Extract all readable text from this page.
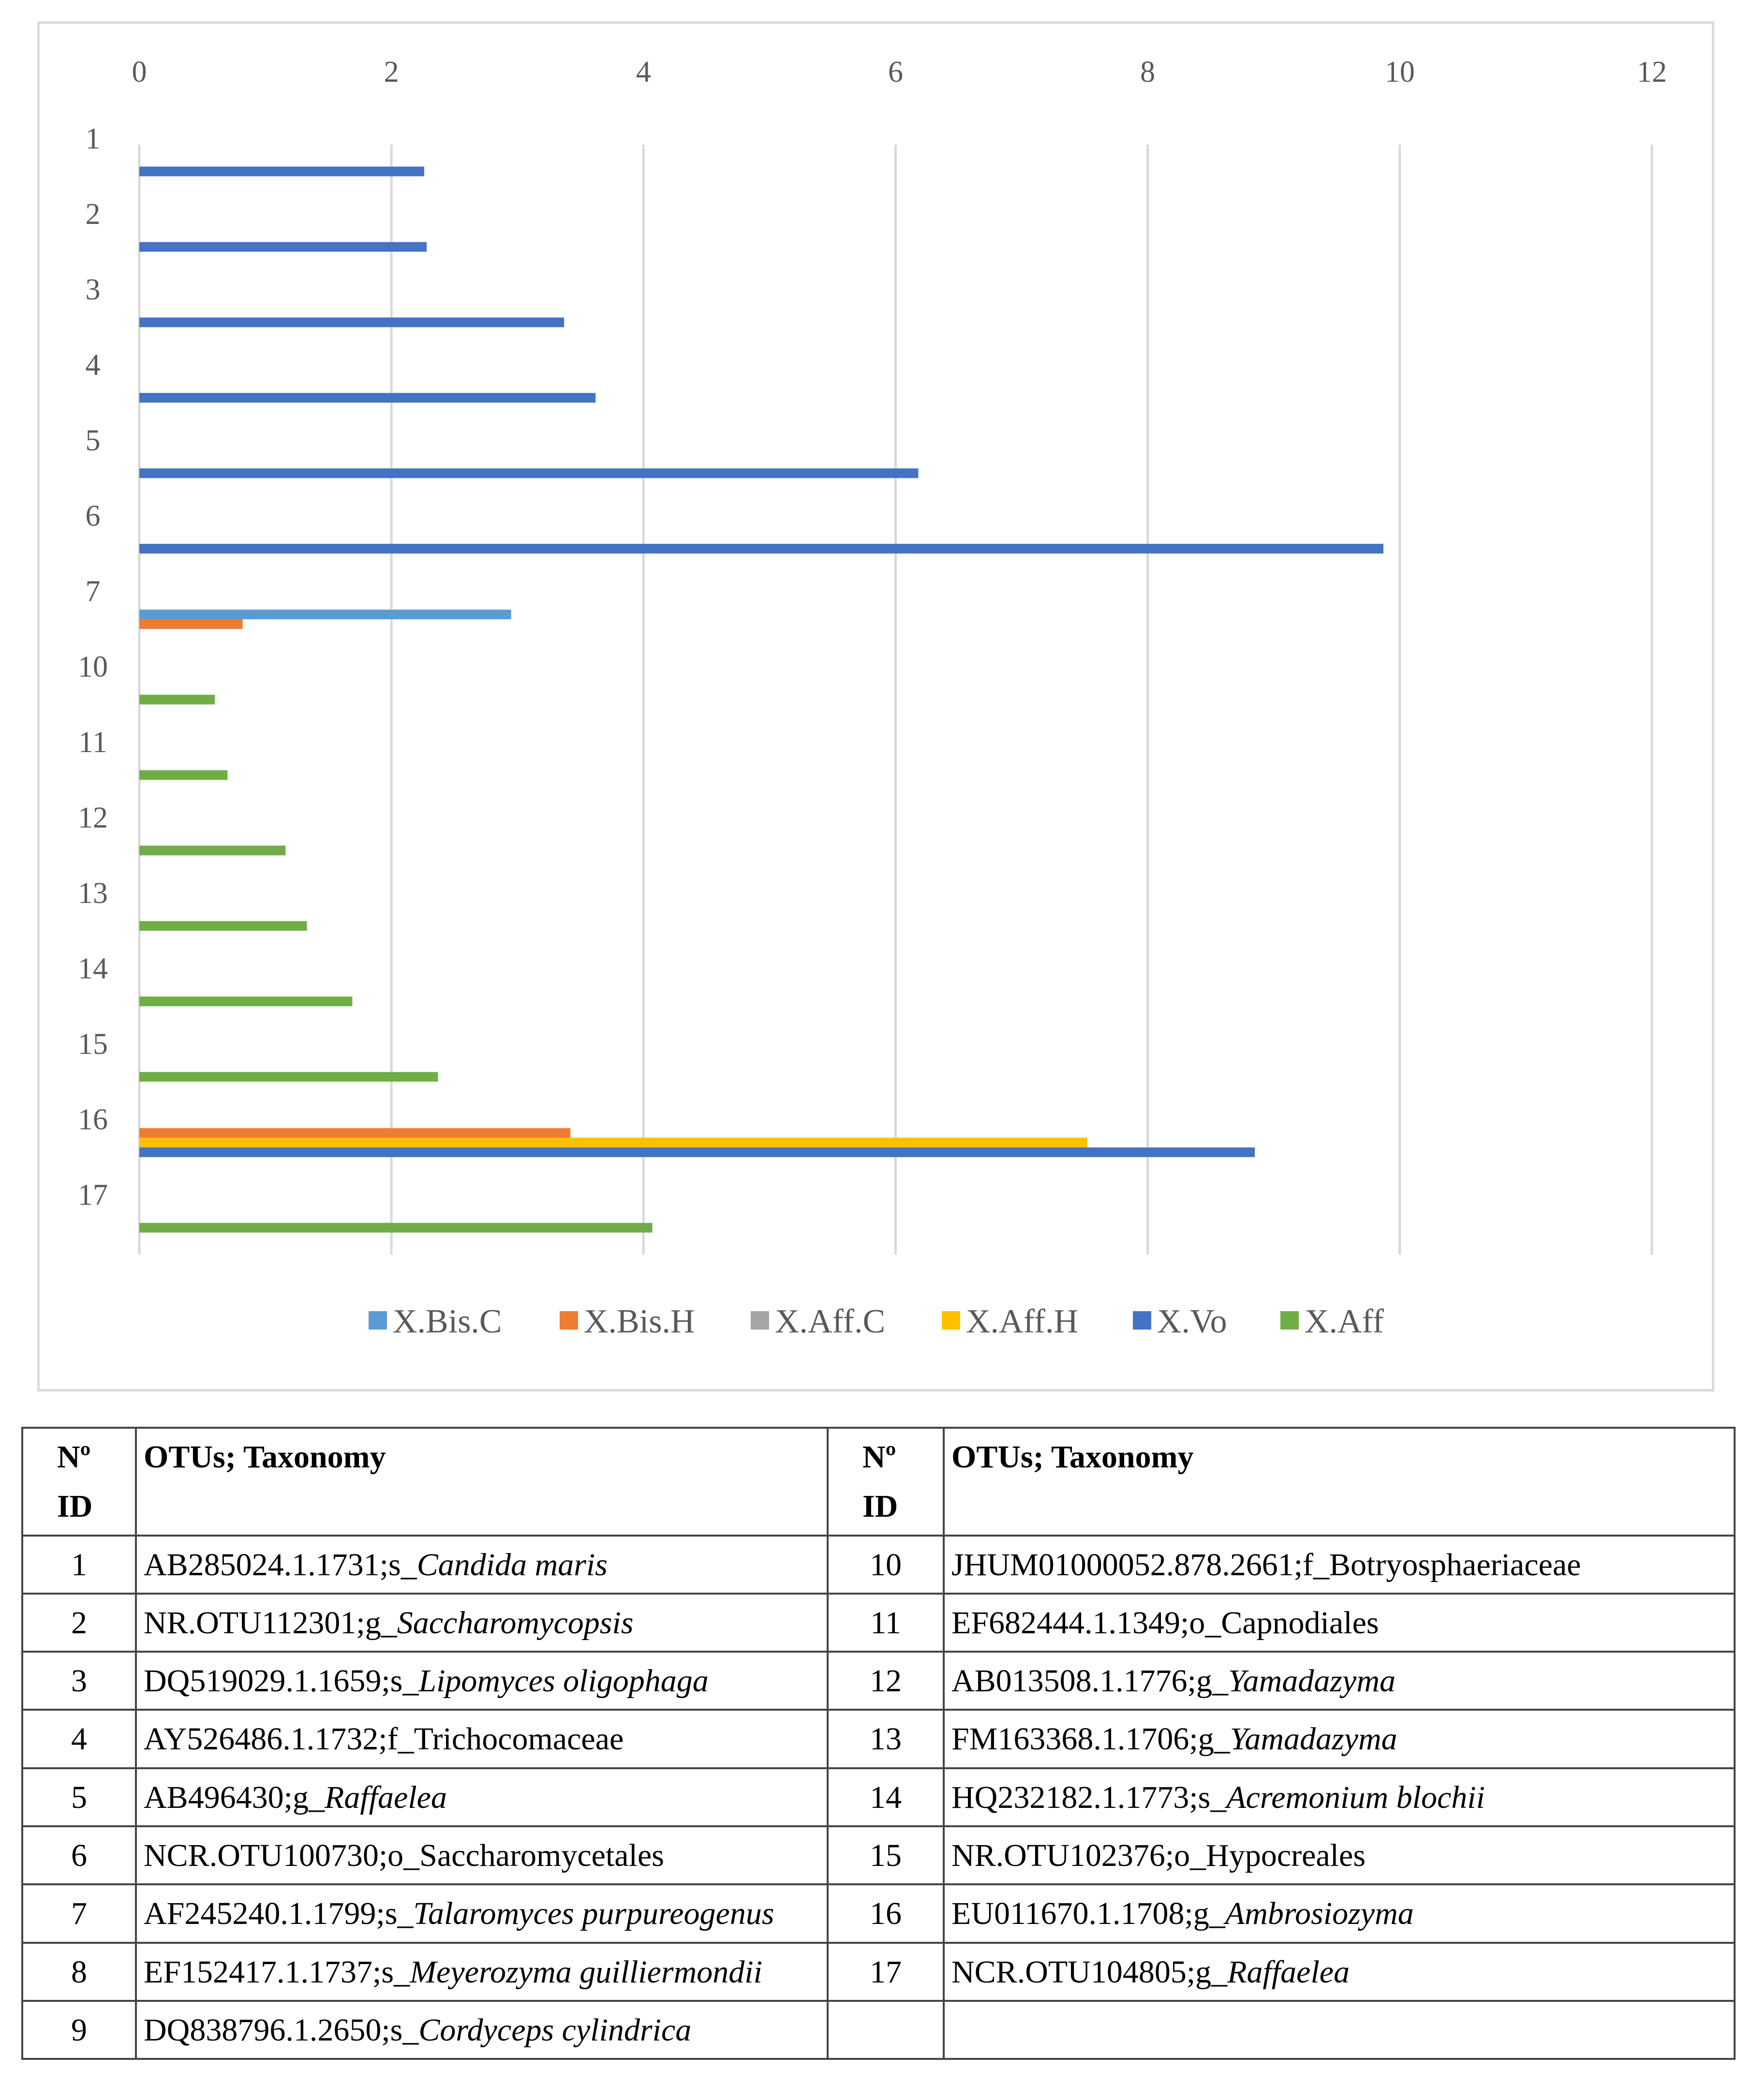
0	2	4	6	8	10	12
1
2
3
4
5
6
7
10
11
12
13
14
15
16
17
X.Bis.C X.Bis.H X.Aff.C X.Aff.H X.Vo X.Aff
Nº ID	OTUs; Taxonomy	Nº ID	OTUs; Taxonomy
1	AB285024.1.1731;s_Candida maris	10	JHUM01000052.878.2661;f_Botryosphaeriaceae
2	NR.OTU112301;g_Saccharomycopsis	11	EF682444.1.1349;o_Capnodiales
3	DQ519029.1.1659;s_Lipomyces oligophaga	12	AB013508.1.1776;g_Yamadazyma
4	AY526486.1.1732;f_Trichocomaceae	13	FM163368.1.1706;g_Yamadazyma
5	AB496430;g_Raffaelea	14	HQ232182.1.1773;s_Acremonium blochii
6	NCR.OTU100730;o_Saccharomycetales	15	NR.OTU102376;o_Hypocreales
7	AF245240.1.1799;s_Talaromyces purpureogenus	16	EU011670.1.1708;g_Ambrosiozyma
8	EF152417.1.1737;s_Meyerozyma guilliermondii	17	NCR.OTU104805;g_Raffaelea
9	DQ838796.1.2650;s_Cordyceps cylindrica		
